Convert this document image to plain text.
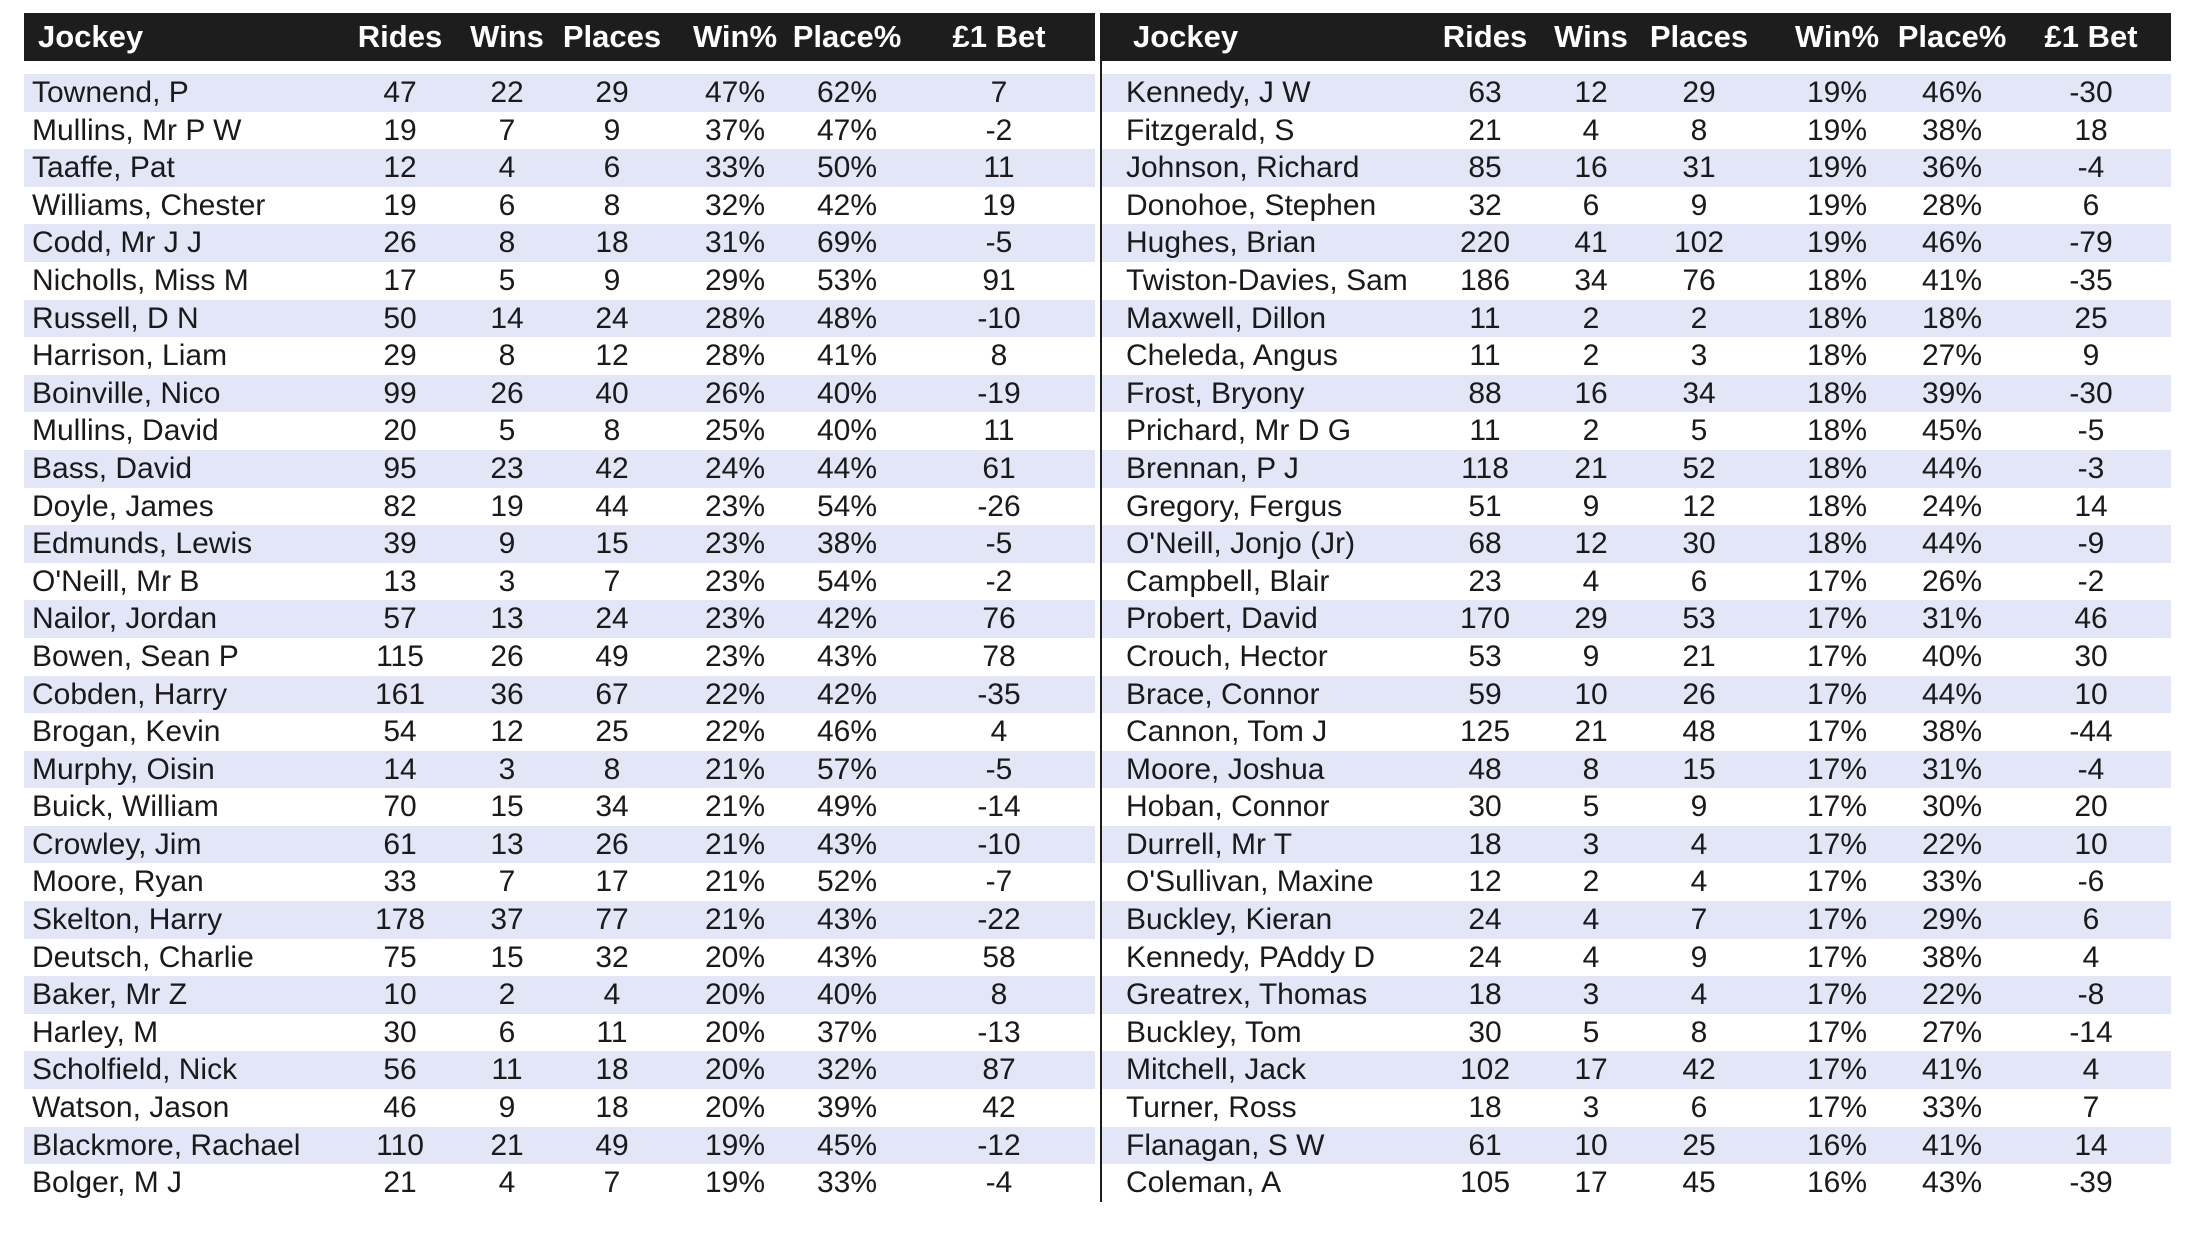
Jockey	Rides Wins Places Win% Place% £1 Bet
Townend, P	47 22 29	47% 62%	7
Mullins, Mr P W	19	7	9	37% 47%	-2
Taaffe, Pat	12	4	6	33% 50%	11
Williams, Chester	19	6	8	32% 42%	19
Codd, Mr J J	26	8	18	31% 69%	-5
Nicholls, Miss M	17	5	9	29% 53%	91
Russell, D N	50 14 24	28% 48%	-10
Harrison, Liam	29	8	12	28% 41%	8
Boinville, Nico	99 26 40	26% 40%	-19
Mullins, David	20	5	8	25% 40%	11
Bass, David	95 23 42	24% 44%	61
Doyle, James	82 19 44	23% 54%	-26
Edmunds, Lewis	39	9	15	23% 38%	-5
O'Neill, Mr B	13	3	7	23% 54%	-2
Nailor, Jordan	57 13 24	23% 42%	76
Bowen, Sean P	115 26 49	23% 43%	78
Cobden, Harry	161 36 67	22% 42%	-35
Brogan, Kevin	54 12 25	22% 46%	4
Murphy, Oisin	14	3	8	21% 57%	-5
Buick, William	70 15 34	21% 49%	-14
Crowley, Jim	61 13 26	21% 43%	-10
Moore, Ryan	33	7	17	21% 52%	-7
Skelton, Harry	178 37 77	21% 43%	-22
Deutsch, Charlie	75 15 32	20% 43%	58
Baker, Mr Z	10	2	4	20% 40%	8
Harley, M	30	6	11	20% 37%	-13
Scholfield, Nick	56 11 18	20% 32%	87
Watson, Jason	46	9	18	20% 39%	42
Blackmore, Rachael	110 21 49	19% 45%	-12
Bolger, M J	21	4	7	19% 33%	-4
Jockey	Rides Wins Places Win% Place% £1 Bet
Kennedy, J W	63 12 29	19% 46%	-30
Fitzgerald, S	21	4	8	19% 38%	18
Johnson, Richard	85 16 31	19% 36%	-4
Donohoe, Stephen	32	6	9	19% 28%	6
Hughes, Brian	220 41 102	19% 46%	-79
Twiston-Davies, Sam 186 34 76	18% 41%	-35
Maxwell, Dillon	11	2	2	18% 18%	25
Cheleda, Angus	11	2	3	18% 27%	9
Frost, Bryony	88 16 34	18% 39%	-30
Prichard, Mr D G	11	2	5	18% 45%	-5
Brennan, P J	118 21 52	18% 44%	-3
Gregory, Fergus	51	9	12	18% 24%	14
O'Neill, Jonjo (Jr)	68 12 30	18% 44%	-9
Campbell, Blair	23	4	6	17% 26%	-2
Probert, David	170 29 53	17% 31%	46
Crouch, Hector	53	9	21	17% 40%	30
Brace, Connor	59 10 26	17% 44%	10
Cannon, Tom J	125 21 48	17% 38%	-44
Moore, Joshua	48	8	15	17% 31%	-4
Hoban, Connor	30	5	9	17% 30%	20
Durrell, Mr T	18	3	4	17% 22%	10
O'Sullivan, Maxine	12	2	4	17% 33%	-6
Buckley, Kieran	24	4	7	17% 29%	6
Kennedy, PAddy D	24	4	9	17% 38%	4
Greatrex, Thomas	18	3	4	17% 22%	-8
Buckley, Tom	30	5	8	17% 27%	-14
Mitchell, Jack	102 17 42	17% 41%	4
Turner, Ross	18	3	6	17% 33%	7
Flanagan, S W	61 10 25	16% 41%	14
Coleman, A	105 17 45	16% 43%	-39
